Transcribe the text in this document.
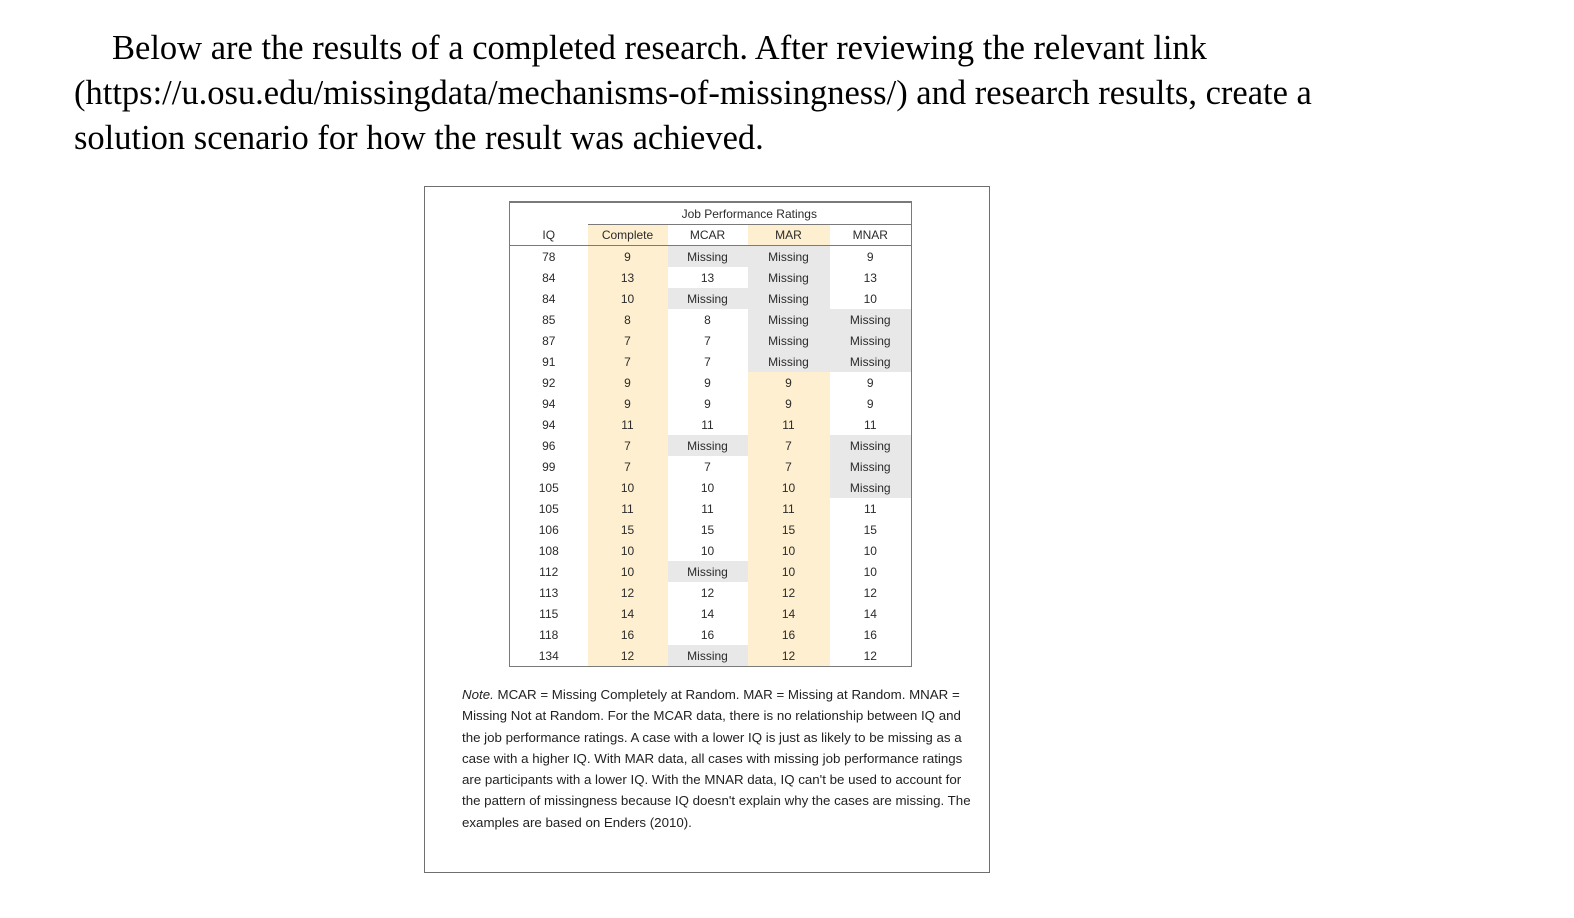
Below are the results of a completed research. After reviewing the relevant link
(https://u.osu.edu/missingdata/mechanisms-of-missingness/) and research results, create a
solution scenario for how the result was achieved.
	Job Performance Ratings			
IQ	Complete	MCAR	MAR	MNAR
78	9	Missing	Missing	9
84	13	13	Missing	13
84	10	Missing	Missing	10
85	8	8	Missing	Missing
87	7	7	Missing	Missing
91	7	7	Missing	Missing
92	9	9	9	9
94	9	9	9	9
94	11	11	11	11
96	7	Missing	7	Missing
99	7	7	7	Missing
105	10	10	10	Missing
105	11	11	11	11
106	15	15	15	15
108	10	10	10	10
112	10	Missing	10	10
113	12	12	12	12
115	14	14	14	14
118	16	16	16	16
134	12	Missing	12	12
Note. MCAR = Missing Completely at Random. MAR = Missing at Random. MNAR = Missing Not at Random. For the MCAR data, there is no relationship between IQ and the job performance ratings. A case with a lower IQ is just as likely to be missing as a case with a higher IQ. With MAR data, all cases with missing job performance ratings are participants with a lower IQ. With the MNAR data, IQ can't be used to account for the pattern of missingness because IQ doesn't explain why the cases are missing. The examples are based on Enders (2010).
